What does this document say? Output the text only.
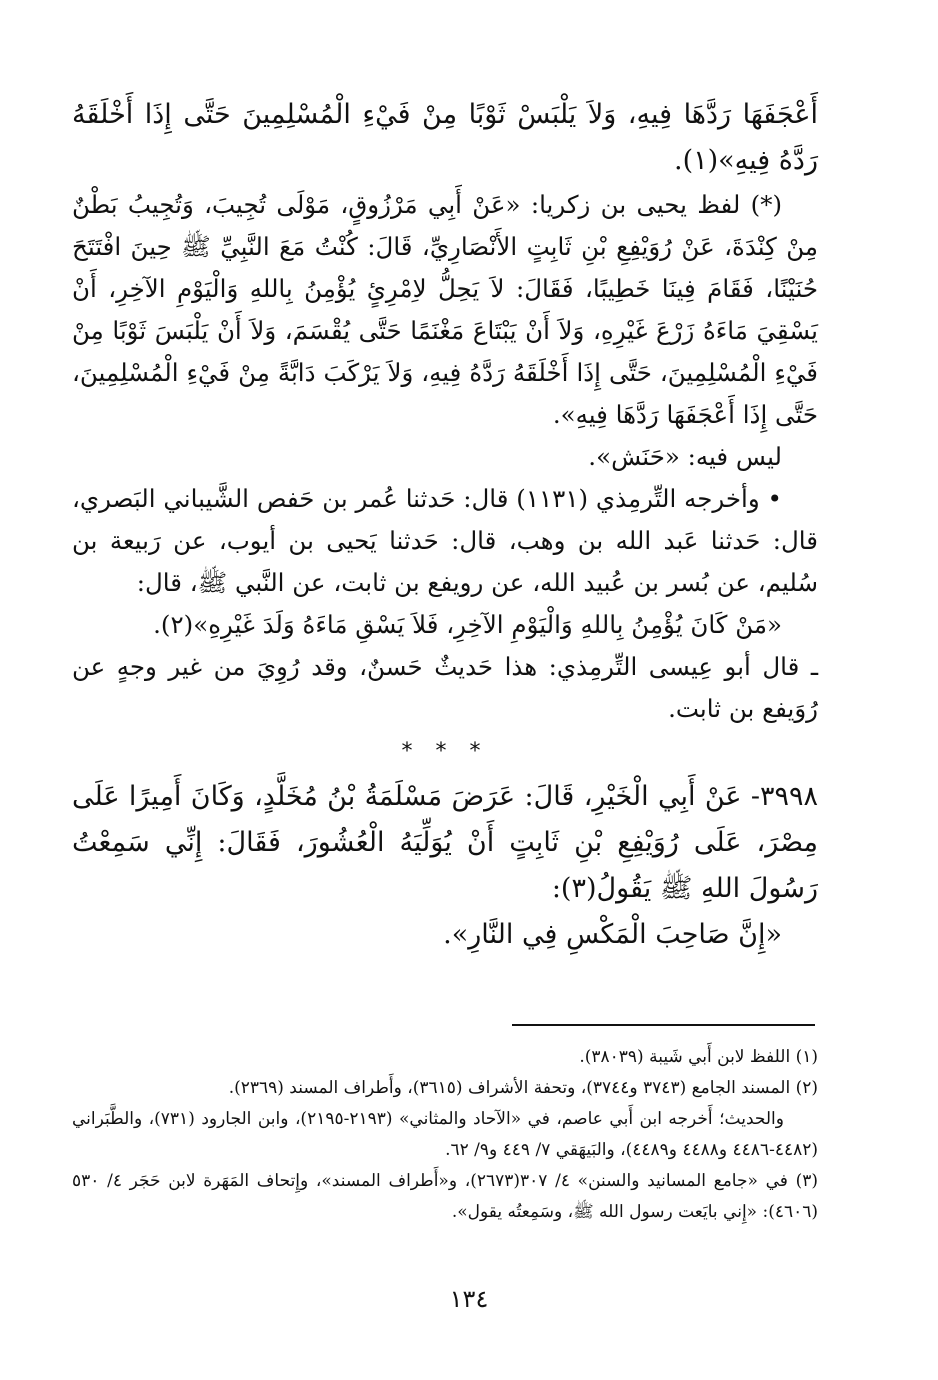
أَعْجَفَهَا رَدَّهَا فِيهِ، وَلاَ يَلْبَسْ ثَوْبًا مِنْ فَيْءِ الْمُسْلِمِينَ حَتَّى إِذَا أَخْلَقَهُ رَدَّهُ فِيهِ»(١).

(*) لفظ يحيى بن زكريا: «عَنْ أَبِي مَرْزُوقٍ، مَوْلَى تُجِيبَ، وَتُجِيبُ بَطْنٌ مِنْ كِنْدَةَ، عَنْ رُوَيْفِعِ بْنِ ثَابِتٍ الأَنْصَارِيِّ، قَالَ: كُنْتُ مَعَ النَّبِيِّ ﷺ حِينَ افْتَتَحَ حُنَيْنًا، فَقَامَ فِينَا خَطِيبًا، فَقَالَ: لاَ يَحِلُّ لاِمْرِئٍ يُؤْمِنُ بِاللهِ وَالْيَوْمِ الآخِرِ، أَنْ يَسْقِيَ مَاءَهُ زَرْعَ غَيْرِهِ، وَلاَ أَنْ يَبْتَاعَ مَغْنَمًا حَتَّى يُقْسَمَ، وَلاَ أَنْ يَلْبَسَ ثَوْبًا مِنْ فَيْءِ الْمُسْلِمِينَ، حَتَّى إِذَا أَخْلَقَهُ رَدَّهُ فِيهِ، وَلاَ يَرْكَبَ دَابَّةً مِنْ فَيْءِ الْمُسْلِمِينَ، حَتَّى إِذَا أَعْجَفَهَا رَدَّهَا فِيهِ».

ليس فيه: «حَنَش».

• وأخرجه التِّرمِذي (١١٣١) قال: حَدثنا عُمر بن حَفص الشَّيباني البَصري، قال: حَدثنا عَبد الله بن وهب، قال: حَدثنا يَحيى بن أيوب، عن رَبيعة بن سُليم، عن بُسر بن عُبيد الله، عن رويفع بن ثابت، عن النَّبي ﷺ، قال:

«مَنْ كَانَ يُؤْمِنُ بِاللهِ وَالْيَوْمِ الآخِرِ، فَلاَ يَسْقِ مَاءَهُ وَلَدَ غَيْرِهِ»(٢).

ـ قال أبو عِيسى التِّرمِذي: هذا حَديثٌ حَسنٌ، وقد رُوِيَ من غير وجهٍ عن رُوَيفع بن ثابت.

* * *

٣٩٩٨- عَنْ أَبِي الْخَيْرِ، قَالَ: عَرَضَ مَسْلَمَةُ بْنُ مُخَلَّدٍ، وَكَانَ أَمِيرًا عَلَى مِصْرَ، عَلَى رُوَيْفِعِ بْنِ ثَابِتٍ أَنْ يُوَلِّيَهُ الْعُشُورَ، فَقَالَ: إِنِّي سَمِعْتُ رَسُولَ اللهِ ﷺ يَقُولُ(٣):

«إِنَّ صَاحِبَ الْمَكْسِ فِي النَّارِ».

(١) اللفظ لابن أَبي شَيبة (٣٨٠٣٩).

(٢) المسند الجامع (٣٧٤٣ و٣٧٤٤)، وتحفة الأشراف (٣٦١٥)، وأَطراف المسند (٢٣٦٩).

والحديث؛ أَخرجه ابن أَبي عاصم، في «الآحاد والمثاني» (٢١٩٣-٢١٩٥)، وابن الجارود (٧٣١)، والطَّبَراني (٤٤٨٢-٤٤٨٦ و٤٤٨٨ و٤٤٨٩)، والبَيهَقي ٧/ ٤٤٩ و٩/ ٦٢.

(٣) في «جامع المسانيد والسنن» ٤/ ٣٠٧(٢٦٧٣)، و«أَطراف المسند»، وإِتحاف المَهَرة لابن حَجَر ٤/ ٥٣٠ (٤٦٠٦): «إِني بايَعت رسول الله ﷺ، وسَمِعتُه يقول».

١٣٤
